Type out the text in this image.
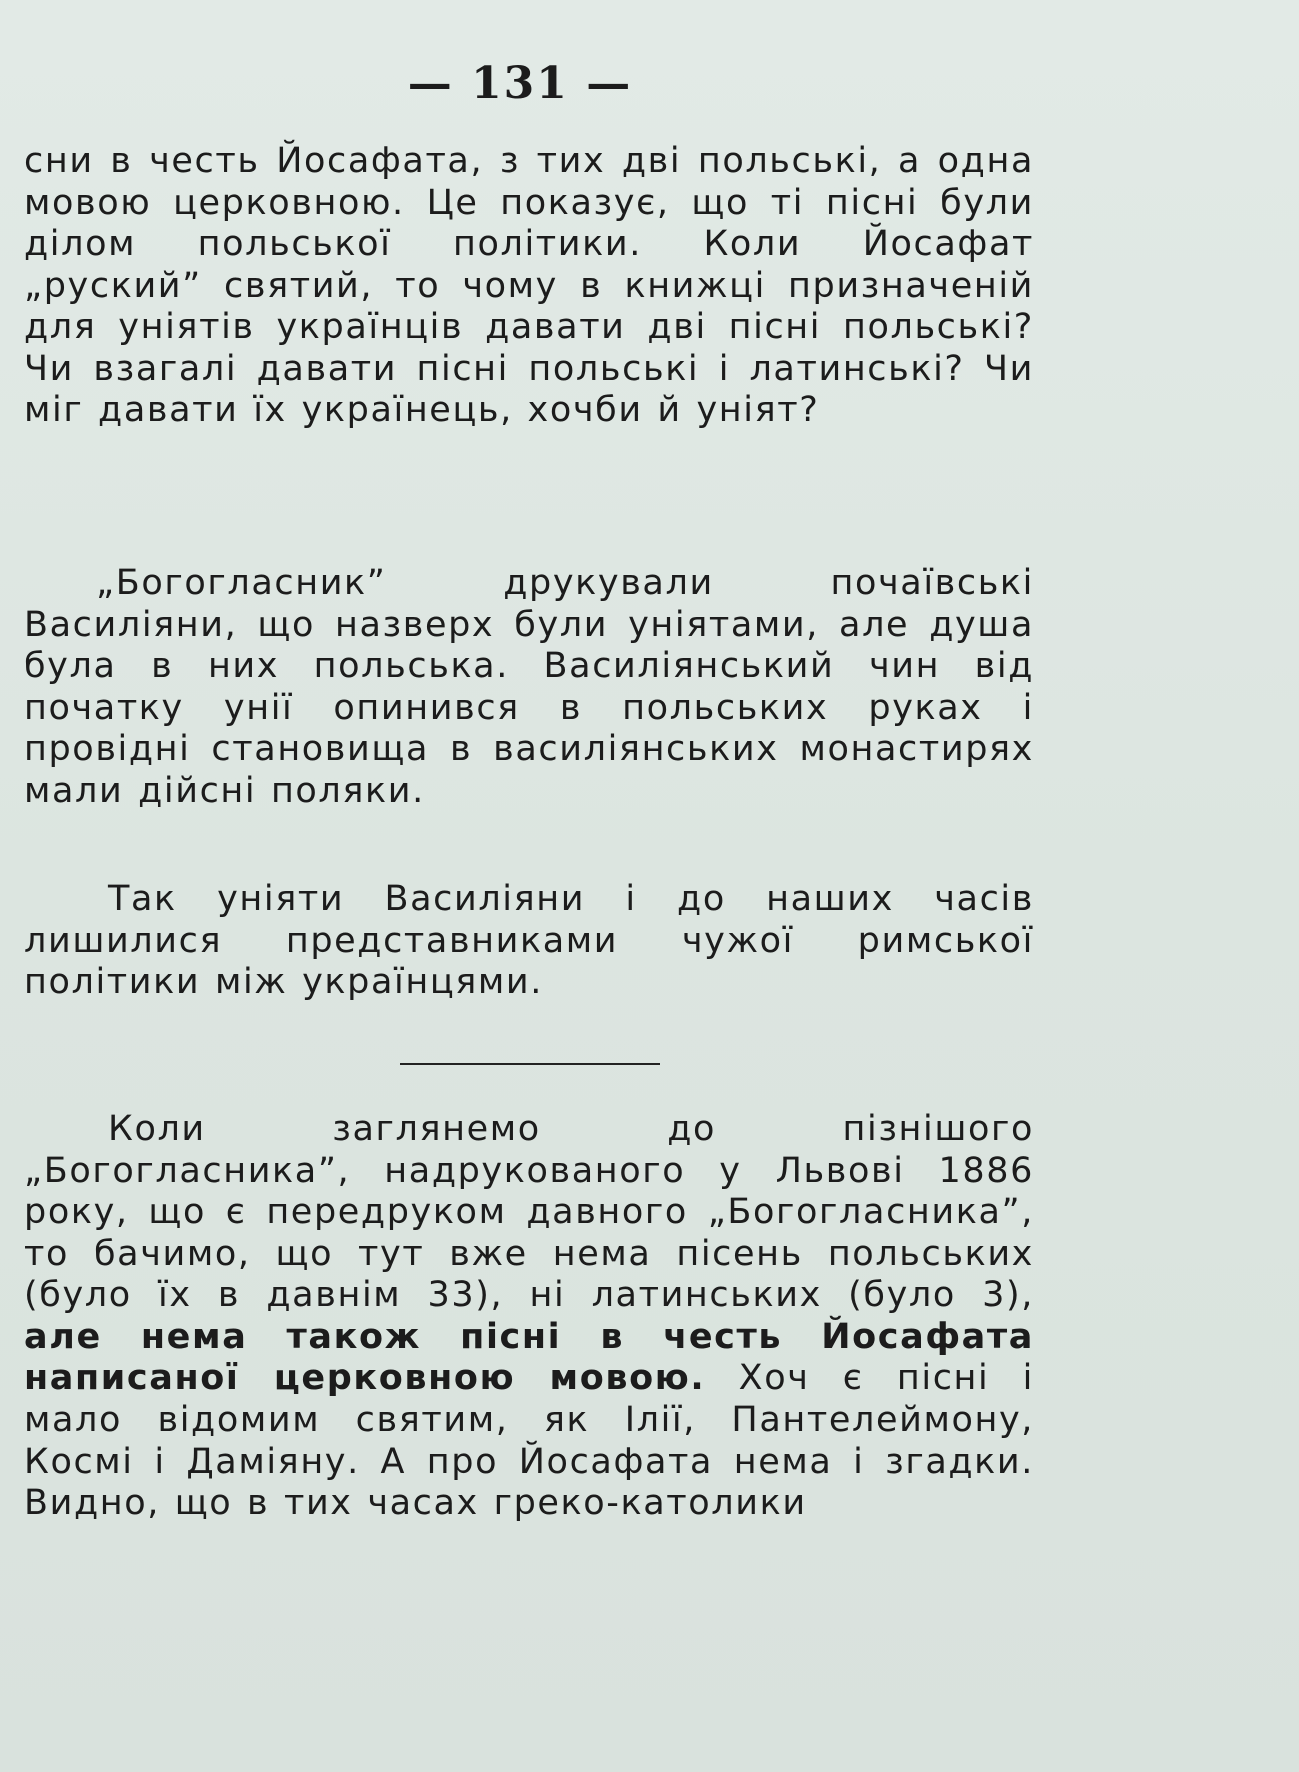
— 131 —

сни в честь Йосафата, з тих дві польські, а одна мовою церковною. Це показує, що ті пісні були ділом польської політики. Коли Йосафат „руский” святий, то чому в книжці призначеній для уніятів українців давати дві пісні польські? Чи взагалі давати пісні польські і латинські? Чи міг давати їх українець, хочби й уніят?

„Богогласник” друкували почаївські Василіяни, що назверх були уніятами, але душа була в них польська. Василіянський чин від початку унії опинився в польських руках і провідні становища в василіянських монастирях мали дійсні поляки.

Так уніяти Василіяни і до наших часів лишилися представниками чужої римської політики між українцями.

Коли заглянемо до пізнішого „Богогласника”, надрукованого у Львові 1886 року, що є передруком давного „Богогласника”, то бачимо, що тут вже нема пісень польських (було їх в давнім 33), ні латинських (було 3), але нема також пісні в честь Йосафата написаної церковною мовою. Хоч є пісні і мало відомим святим, як Ілії, Пантелеймону, Космі і Даміяну. А про Йосафата нема і згадки. Видно, що в тих часах греко-католики
